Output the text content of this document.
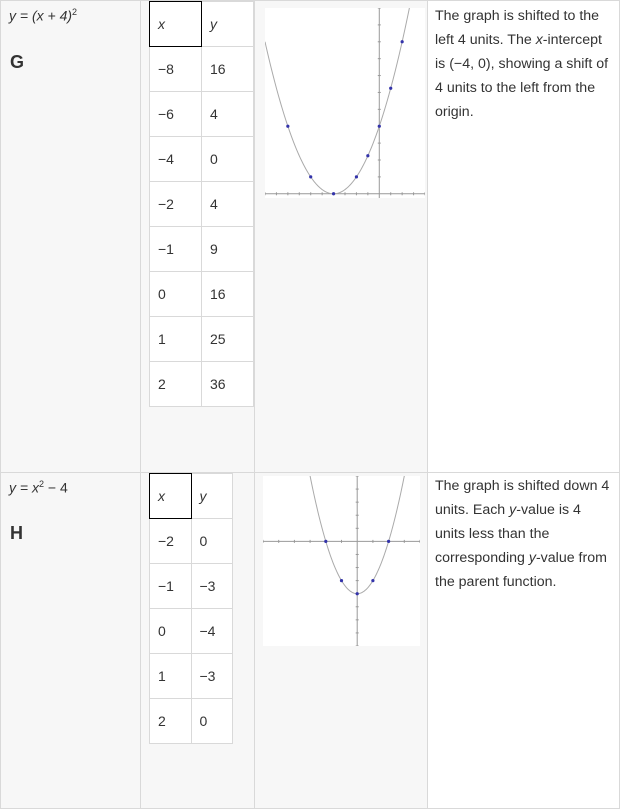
$y = (x + 4)^2$
G
x	y
−8	16
−6	4
−4	0
−2	4
−1	9
0	16
1	25
2	36
The graph is shifted to the left 4 units. The x-intercept is (−4, 0), showing a shift of 4 units to the left from the origin.
$y = x^2 - 4$
H
x	y
−2	0
−1	−3
0	−4
1	−3
2	0
The graph is shifted down 4 units. Each y-value is 4 units less than the corresponding y-value from the parent function.
